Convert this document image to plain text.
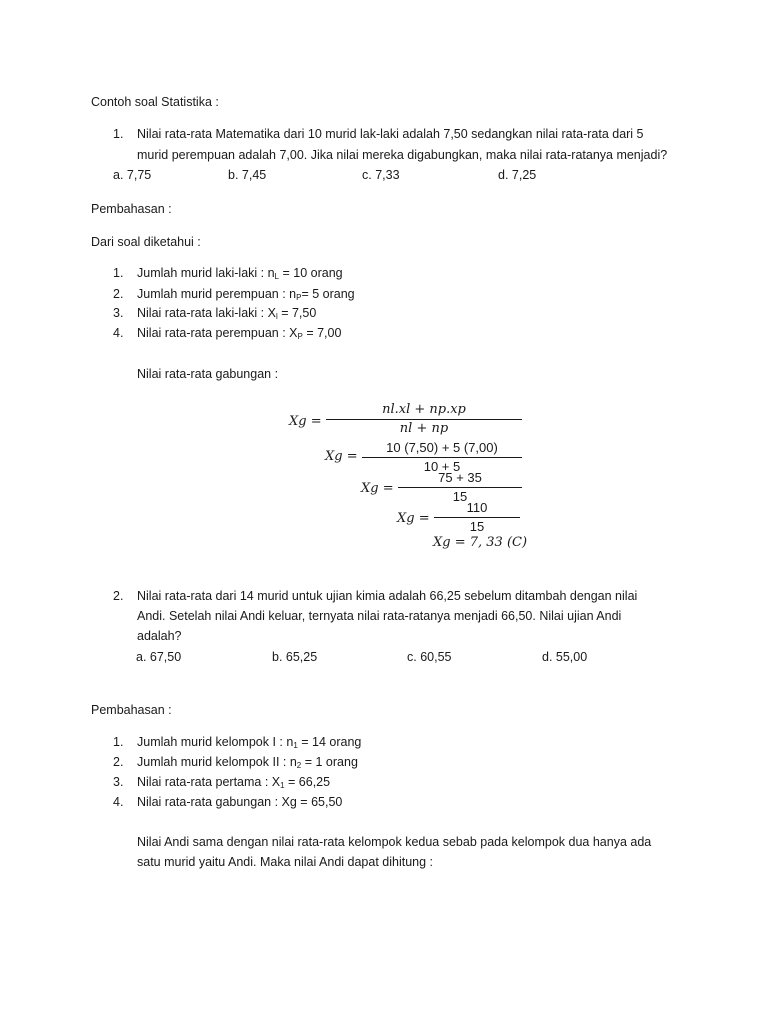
Contoh soal Statistika :
1. Nilai rata-rata Matematika dari 10 murid lak-laki adalah 7,50 sedangkan nilai rata-rata dari 5
murid perempuan adalah 7,00. Jika nilai mereka digabungkan, maka nilai rata-ratanya menjadi?
a. 7,75	b. 7,45	c. 7,33	d. 7,25
Pembahasan :
Dari soal diketahui :
1. Jumlah murid laki-laki : $n_L = 10$ orang
2. Jumlah murid perempuan : $n_P= 5$ orang
3. Nilai rata-rata laki-laki : $X_l = 7,50$
4. Nilai rata-rata perempuan : $X_P = 7,00$
Nilai rata-rata gabungan :
Xg =
nl.xl + np.xp
nl + np
Xg =
10 (7,50) + 5 (7,00)
10 + 5
Xg =
75 + 35
15
Xg =
110
15
Xg = 7, 33 (C)
2. Nilai rata-rata dari 14 murid untuk ujian kimia adalah 66,25 sebelum ditambah dengan nilai
Andi. Setelah nilai Andi keluar, ternyata nilai rata-ratanya menjadi 66,50. Nilai ujian Andi
adalah?
a. 67,50	b. 65,25	c. 60,55	d. 55,00
Pembahasan :
1. Jumlah murid kelompok I : $n_1 = 14$ orang
2. Jumlah murid kelompok II : $n_2 = 1$ orang
3. Nilai rata-rata pertama : $X_1 = 66,25$
4. Nilai rata-rata gabungan : Xg = 65,50
Nilai Andi sama dengan nilai rata-rata kelompok kedua sebab pada kelompok dua hanya ada
satu murid yaitu Andi. Maka nilai Andi dapat dihitung :
